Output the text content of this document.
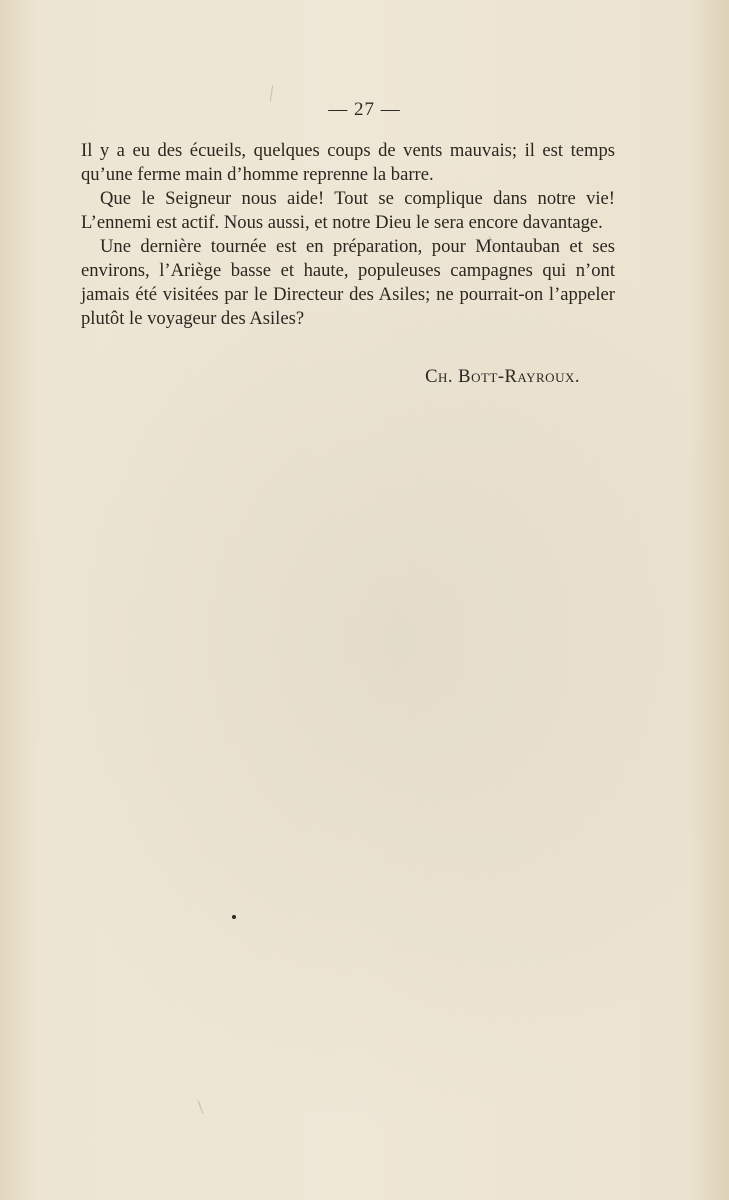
— 27 —

Il y a eu des écueils, quelques coups de vents mauvais; il est temps qu’une ferme main d’homme reprenne la barre.

Que le Seigneur nous aide! Tout se complique dans notre vie! L’ennemi est actif. Nous aussi, et notre Dieu le sera encore davantage.

Une dernière tournée est en préparation, pour Montauban et ses environs, l’Ariège basse et haute, populeuses campagnes qui n’ont jamais été visitées par le Directeur des Asiles; ne pourrait-on l’appeler plutôt le voyageur des Asiles?

Ch. Bott-Rayroux.
